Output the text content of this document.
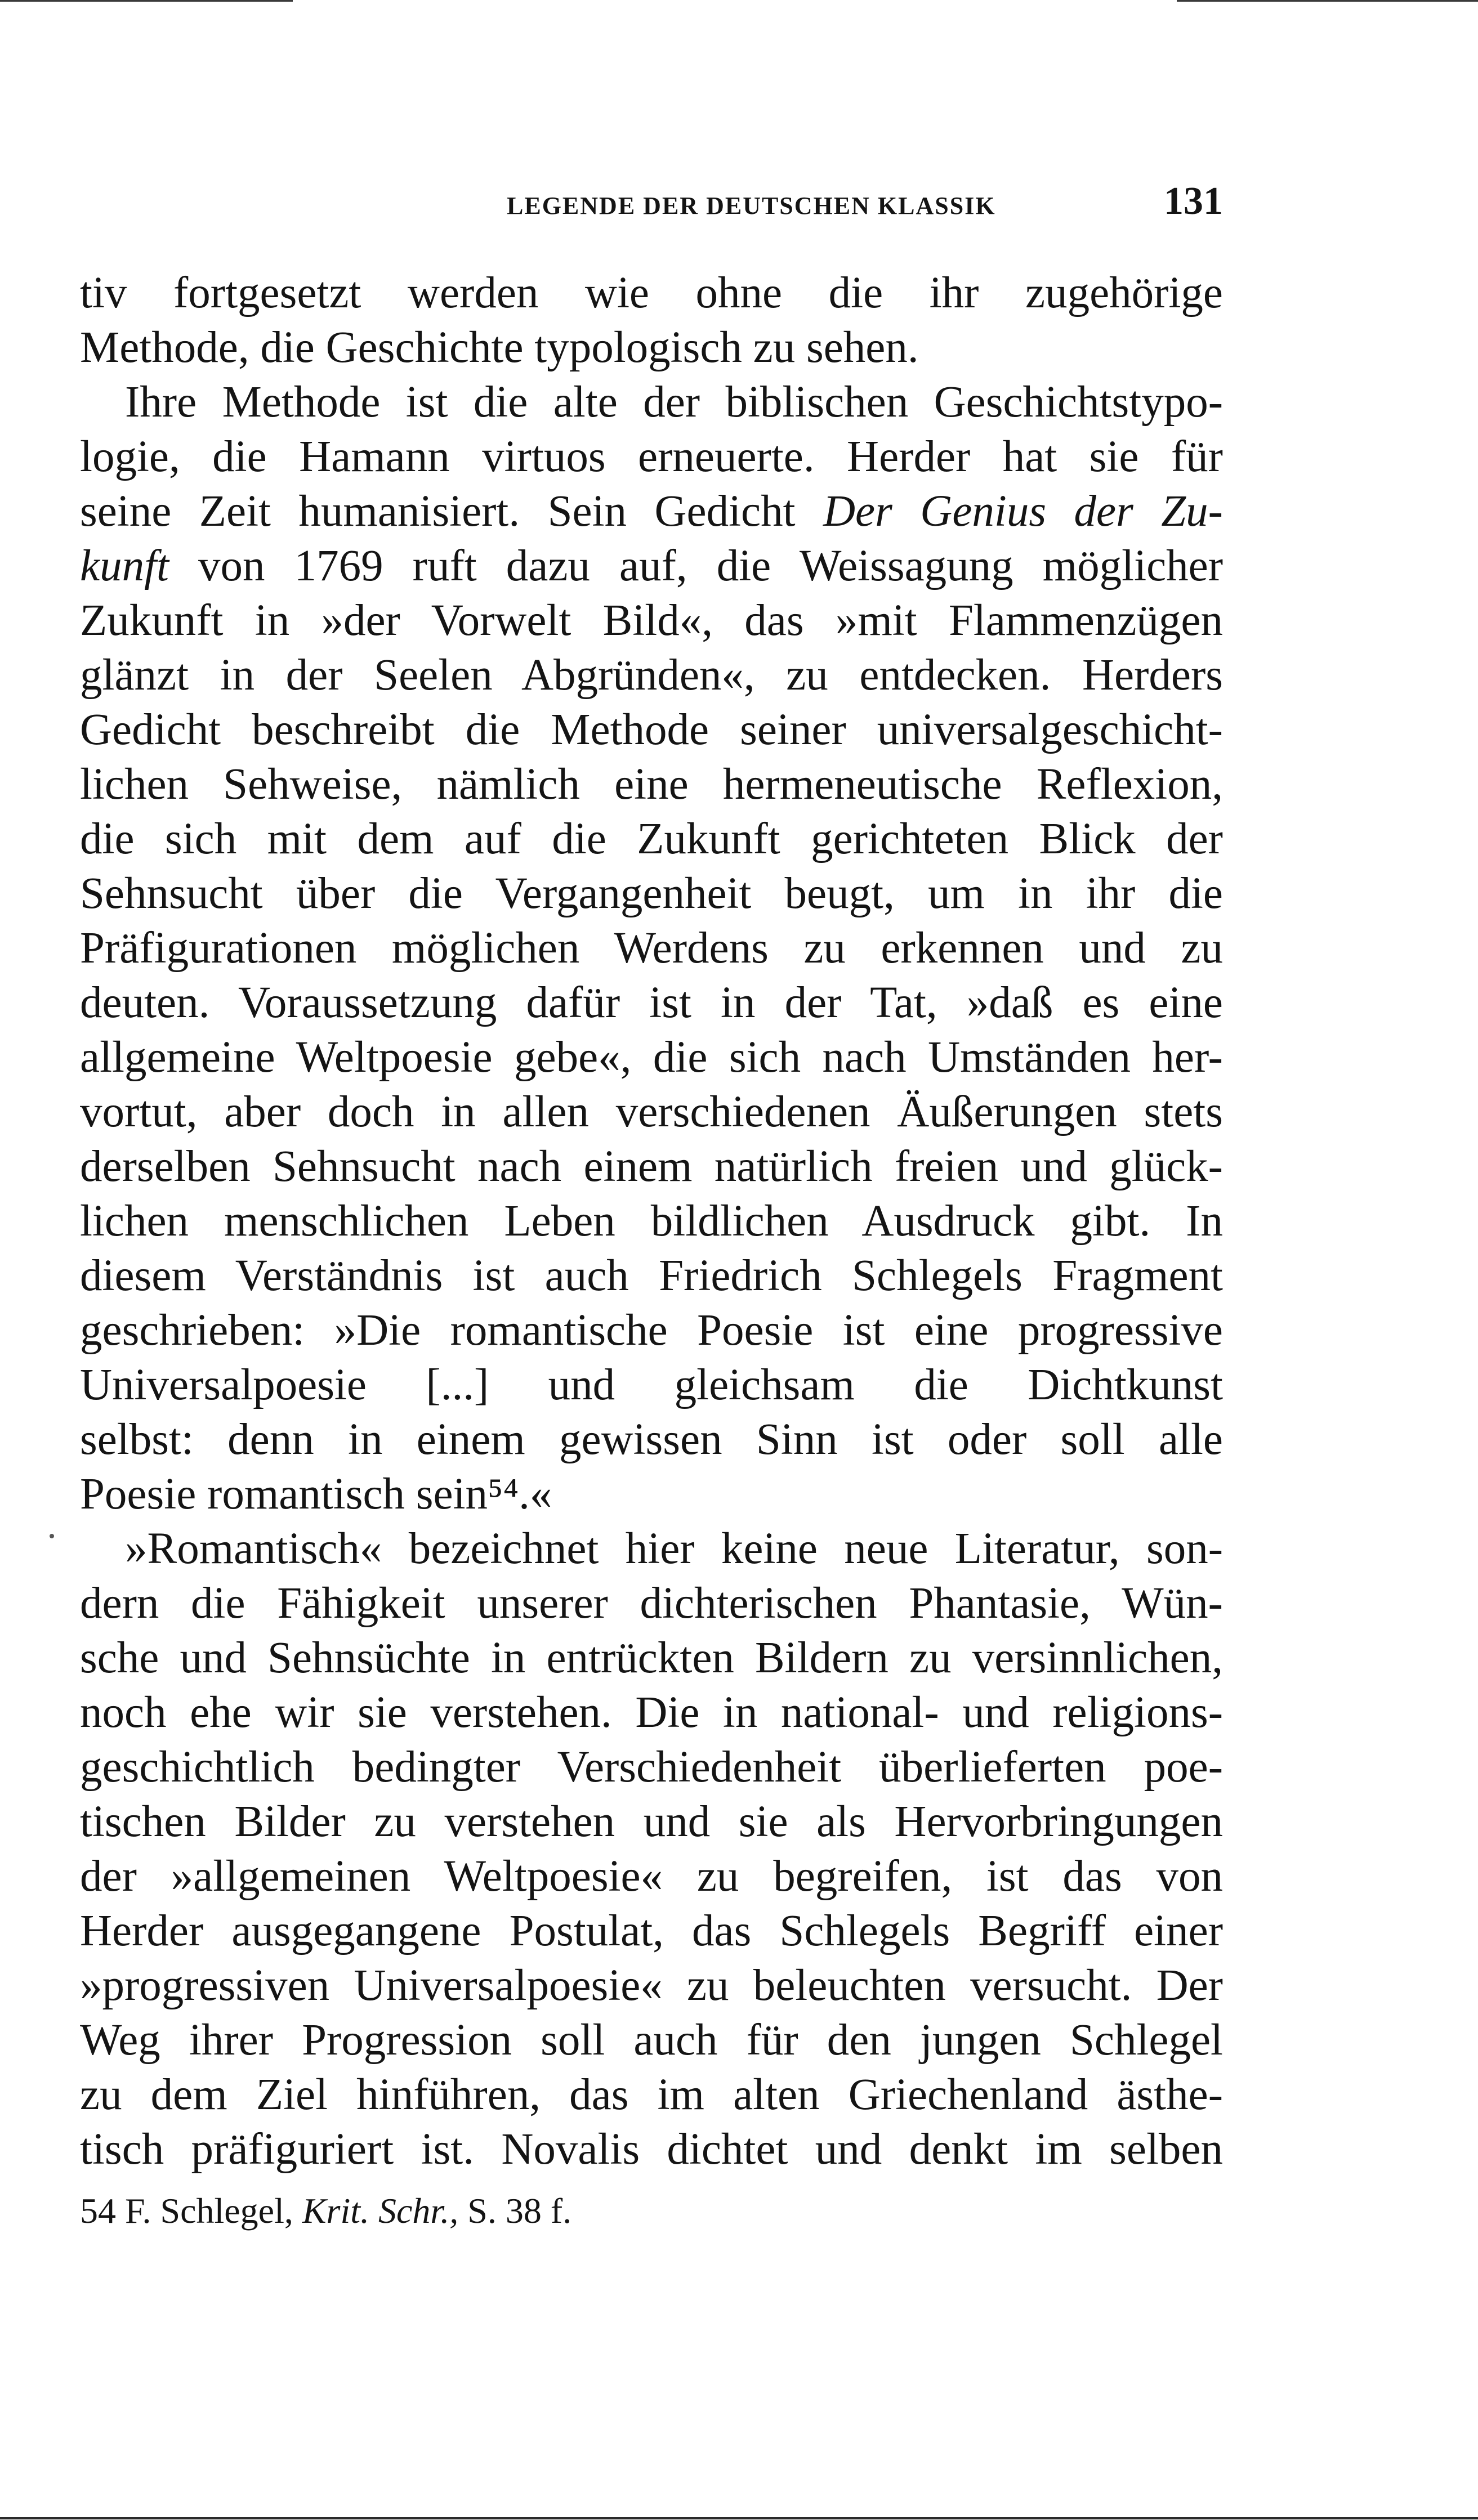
LEGENDE DER DEUTSCHEN KLASSIK	131
tiv fortgesetzt werden wie ohne die ihr zugehörige
Methode, die Geschichte typologisch zu sehen.
Ihre Methode ist die alte der biblischen Geschichtstypo-
logie, die Hamann virtuos erneuerte. Herder hat sie für
seine Zeit humanisiert. Sein Gedicht Der Genius der Zu-
kunft von 1769 ruft dazu auf, die Weissagung möglicher
Zukunft in »der Vorwelt Bild«, das »mit Flammenzügen
glänzt in der Seelen Abgründen«, zu entdecken. Herders
Gedicht beschreibt die Methode seiner universalgeschicht-
lichen Sehweise, nämlich eine hermeneutische Reflexion,
die sich mit dem auf die Zukunft gerichteten Blick der
Sehnsucht über die Vergangenheit beugt, um in ihr die
Präfigurationen möglichen Werdens zu erkennen und zu
deuten. Voraussetzung dafür ist in der Tat, »daß es eine
allgemeine Weltpoesie gebe«, die sich nach Umständen her-
vortut, aber doch in allen verschiedenen Äußerungen stets
derselben Sehnsucht nach einem natürlich freien und glück-
lichen menschlichen Leben bildlichen Ausdruck gibt. In
diesem Verständnis ist auch Friedrich Schlegels Fragment
geschrieben: »Die romantische Poesie ist eine progressive
Universalpoesie [...] und gleichsam die Dichtkunst
selbst: denn in einem gewissen Sinn ist oder soll alle
Poesie romantisch sein⁵⁴.«
»Romantisch« bezeichnet hier keine neue Literatur, son-
dern die Fähigkeit unserer dichterischen Phantasie, Wün-
sche und Sehnsüchte in entrückten Bildern zu versinnlichen,
noch ehe wir sie verstehen. Die in national- und religions-
geschichtlich bedingter Verschiedenheit überlieferten poe-
tischen Bilder zu verstehen und sie als Hervorbringungen
der »allgemeinen Weltpoesie« zu begreifen, ist das von
Herder ausgegangene Postulat, das Schlegels Begriff einer
»progressiven Universalpoesie« zu beleuchten versucht. Der
Weg ihrer Progression soll auch für den jungen Schlegel
zu dem Ziel hinführen, das im alten Griechenland ästhe-
tisch präfiguriert ist. Novalis dichtet und denkt im selben
54 F. Schlegel, Krit. Schr., S. 38 f.
